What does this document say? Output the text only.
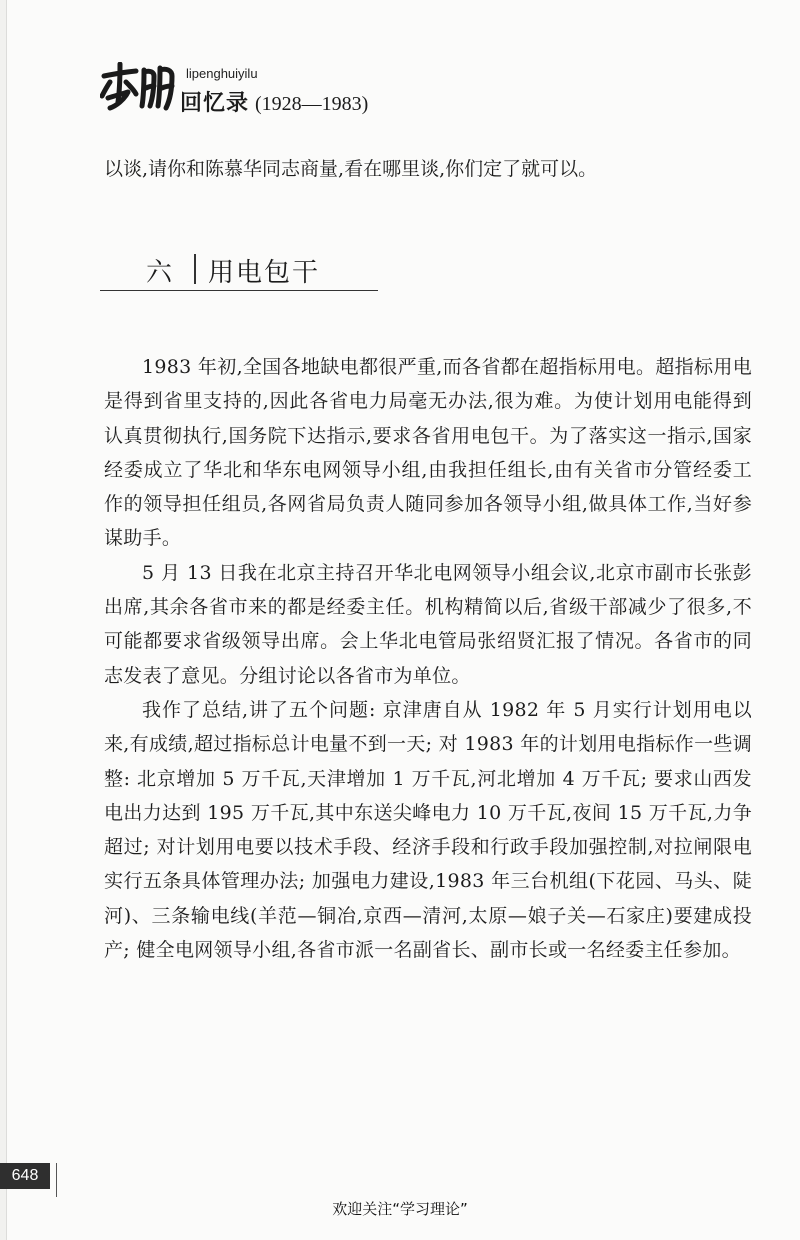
lipenghuiyilu
回忆录 (1928—1983)
以谈,请你和陈慕华同志商量,看在哪里谈,你们定了就可以。
六 用电包干

1983 年初,全国各地缺电都很严重,而各省都在超指标用电。超指标用电是得到省里支持的,因此各省电力局毫无办法,很为难。为使计划用电能得到认真贯彻执行,国务院下达指示,要求各省用电包干。为了落实这一指示,国家经委成立了华北和华东电网领导小组,由我担任组长,由有关省市分管经委工作的领导担任组员,各网省局负责人随同参加各领导小组,做具体工作,当好参谋助手。

5 月 13 日我在北京主持召开华北电网领导小组会议,北京市副市长张彭出席,其余各省市来的都是经委主任。机构精简以后,省级干部减少了很多,不可能都要求省级领导出席。会上华北电管局张绍贤汇报了情况。各省市的同志发表了意见。分组讨论以各省市为单位。

我作了总结,讲了五个问题: 京津唐自从 1982 年 5 月实行计划用电以来,有成绩,超过指标总计电量不到一天; 对 1983 年的计划用电指标作一些调整: 北京增加 5 万千瓦,天津增加 1 万千瓦,河北增加 4 万千瓦; 要求山西发电出力达到 195 万千瓦,其中东送尖峰电力 10 万千瓦,夜间 15 万千瓦,力争超过; 对计划用电要以技术手段、经济手段和行政手段加强控制,对拉闸限电实行五条具体管理办法; 加强电力建设,1983 年三台机组(下花园、马头、陡河)、三条输电线(羊范—铜冶,京西—清河,太原—娘子关—石家庄)要建成投产; 健全电网领导小组,各省市派一名副省长、副市长或一名经委主任参加。

648
欢迎关注“学习理论”
